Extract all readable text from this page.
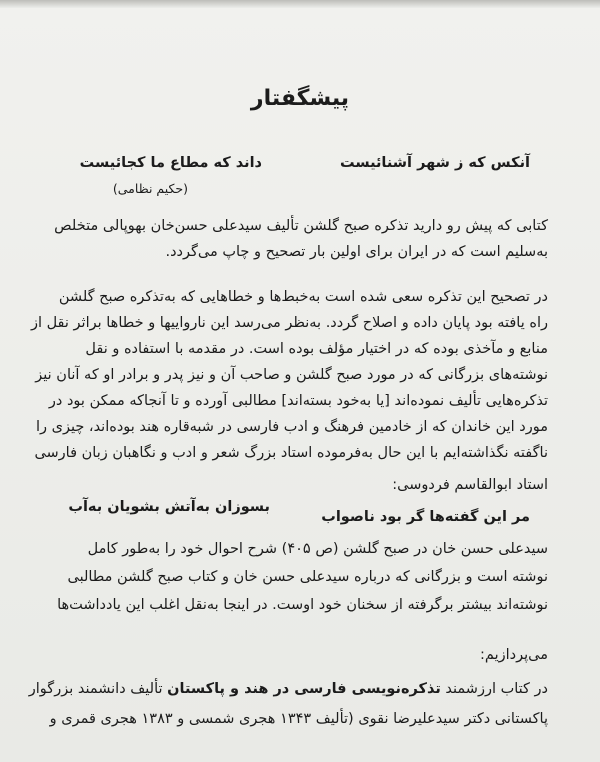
پیشگفتار
آنکس که ز شهر آشنائیست
داند که مطاع ما کجائیست
(حکیم نظامی)
کتابی که پیش رو دارید تذکره صبح گلشن تألیف سیدعلی حسن‌خان بهوپالی متخلص
به‌سلیم است که در ایران برای اولین بار تصحیح و چاپ می‌گردد.
در تصحیح این تذکره سعی شده است به‌خبط‌ها و خطاهایی که به‌تذکره صبح گلشن
راه یافته بود پایان داده و اصلاح گردد. به‌نظر می‌رسد این نارواییها و خطاها براثر نقل از
منابع و مآخذی بوده که در اختیار مؤلف بوده است. در مقدمه با استفاده و نقل
نوشته‌های بزرگانی که در مورد صبح گلشن و صاحب آن و نیز پدر و برادر او که آنان نیز
تذکره‌هایی تألیف نموده‌اند [یا به‌خود بسته‌اند] مطالبی آورده و تا آنجاکه ممکن بود در
مورد این خاندان که از خادمین فرهنگ و ادب فارسی در شبه‌قاره هند بوده‌اند، چیزی را
ناگفته نگذاشته‌ایم با این حال به‌فرموده استاد بزرگ شعر و ادب و نگاهبان زبان فارسی
استاد ابوالقاسم فردوسی:
مر این گفته‌ها گر بود ناصواب
بسوزان به‌آتش بشویان به‌آب
سیدعلی حسن خان در صبح گلشن (ص ۴۰۵) شرح احوال خود را به‌طور کامل
نوشته است و بزرگانی که درباره سیدعلی حسن خان و کتاب صبح گلشن مطالبی
نوشته‌اند بیشتر برگرفته از سخنان خود اوست. در اینجا به‌نقل اغلب این یادداشت‌ها
می‌پردازیم:
در کتاب ارزشمند تذکره‌نویسی فارسی در هند و پاکستان تألیف دانشمند بزرگوار
پاکستانی دکتر سیدعلیرضا نقوی (تألیف ۱۳۴۳ هجری شمسی و ۱۳۸۳ هجری قمری و
